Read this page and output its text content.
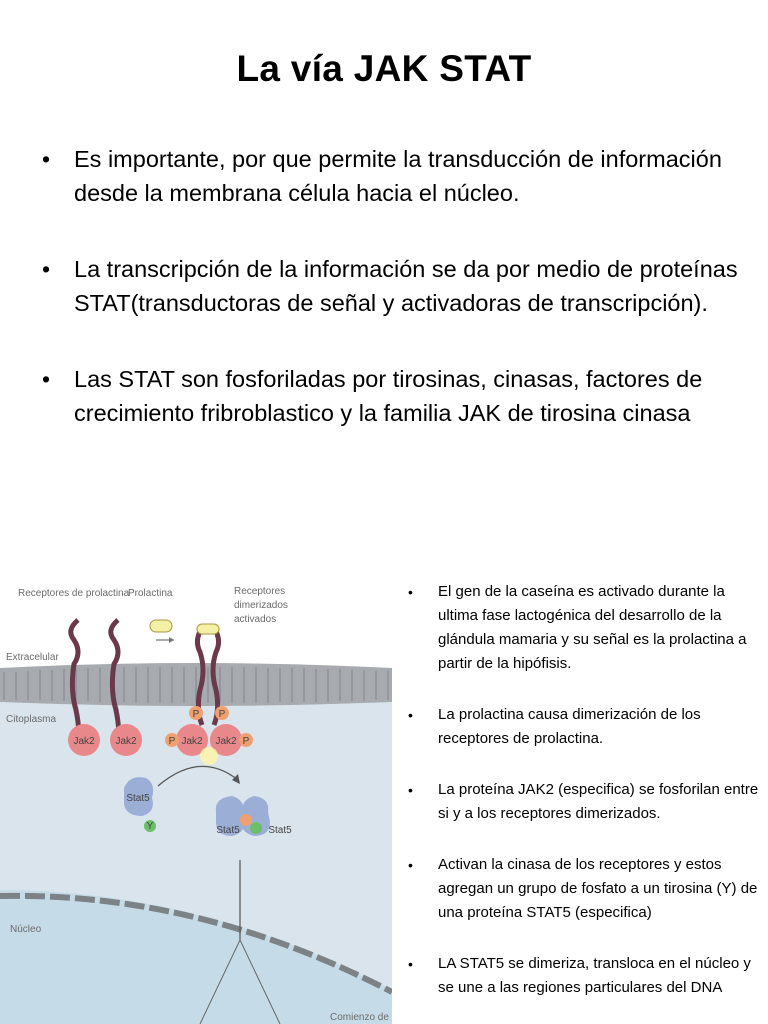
La vía JAK STAT
• Es importante, por que permite la transducción de información desde la membrana célula hacia el núcleo.
• La transcripción de la información se da por medio de proteínas STAT(transductoras de señal y activadoras de transcripción).
• Las STAT son fosforiladas por tirosinas, cinasas, factores de crecimiento fribroblastico y la familia JAK de tirosina cinasa
Jak2 Jak2	Jak2 Jak2
P P
P	P
Stat5
Y	Stat5	Stat5
Receptores de prolactina
Prolactina	Receptores
dimerizados
activados
Extracelular
Citoplasma
Núcleo
Comienzo de
• El gen de la caseína es activado durante la ultima fase lactogénica del desarrollo de la glándula mamaria y su señal es la prolactina a partir de la hipófisis.
• La prolactina causa dimerización de los receptores de prolactina.
• La proteína JAK2 (especifica) se fosforilan entre si y a los receptores dimerizados.
• Activan la cinasa de los receptores y estos agregan un grupo de fosfato a un tirosina (Y) de una proteína STAT5 (especifica)
• LA STAT5 se dimeriza, transloca en el núcleo y se une a las regiones particulares del DNA
